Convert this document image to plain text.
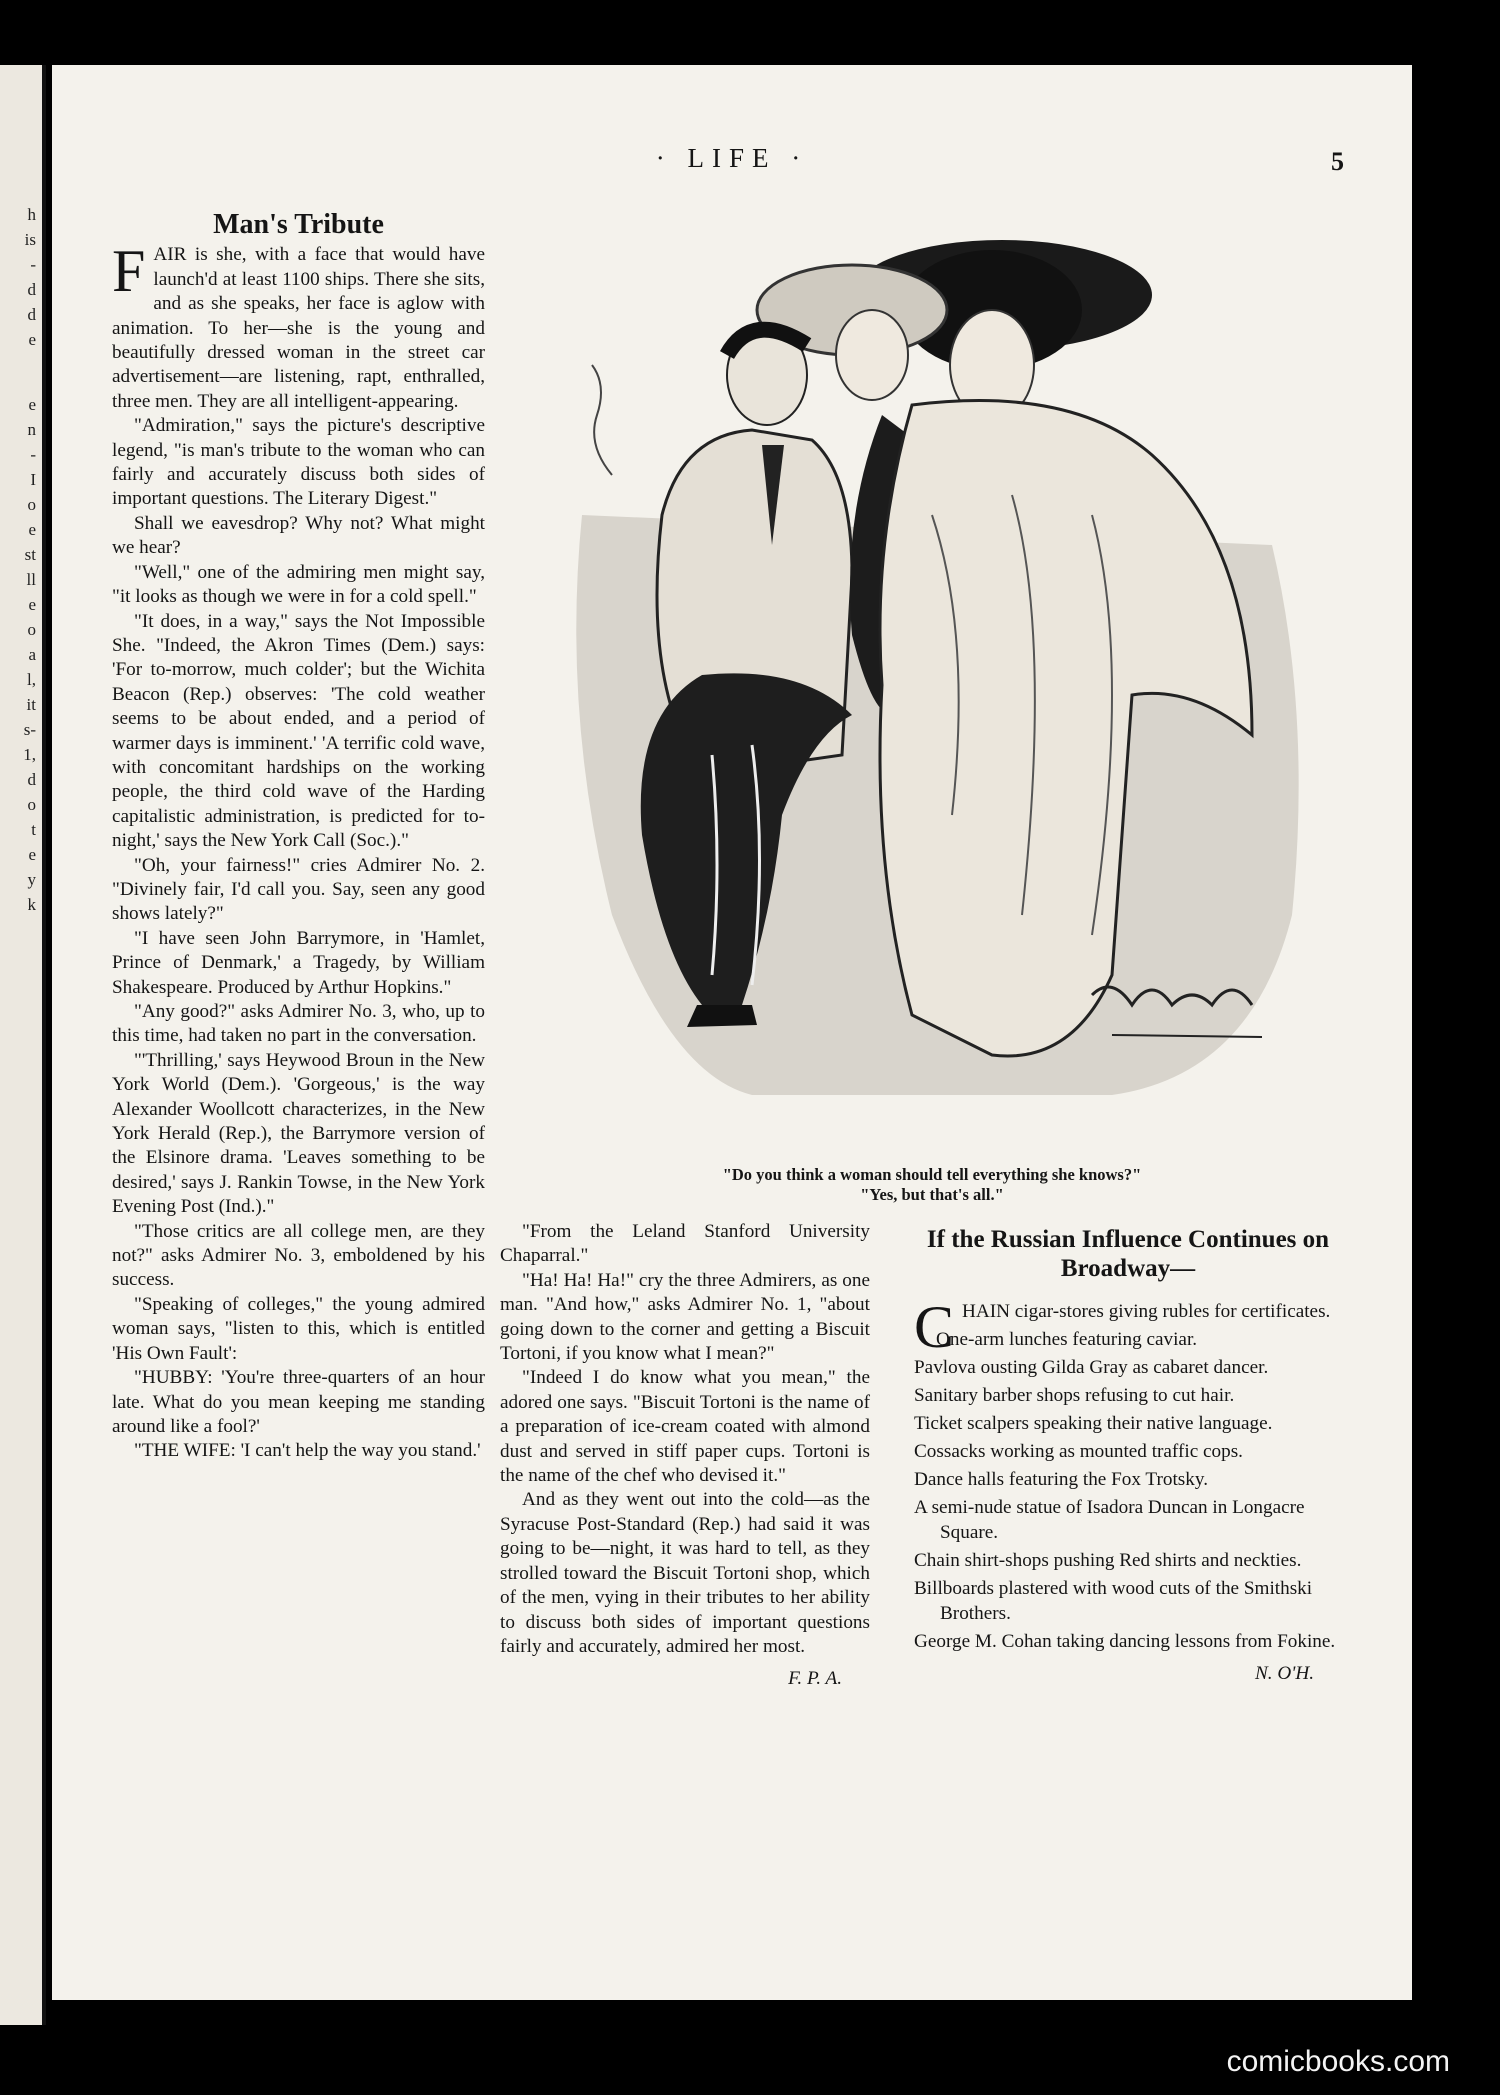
h
is
-
d
d
e
e
n
-
I
o
e
st
ll
e
o
a
l,
it
s-
1,
d
o
t
e
y
k
· LIFE ·	5
Man's Tribute

FAIR is she, with a face that would have launch'd at least 1100 ships. There she sits, and as she speaks, her face is aglow with animation. To her—she is the young and beautifully dressed woman in the street car advertisement—are listening, rapt, enthralled, three men. They are all intelligent-appearing.

"Admiration," says the picture's descriptive legend, "is man's tribute to the woman who can fairly and accurately discuss both sides of important questions. The Literary Digest."

Shall we eavesdrop? Why not? What might we hear?

"Well," one of the admiring men might say, "it looks as though we were in for a cold spell."

"It does, in a way," says the Not Impossible She. "Indeed, the Akron Times (Dem.) says: 'For to-morrow, much colder'; but the Wichita Beacon (Rep.) observes: 'The cold weather seems to be about ended, and a period of warmer days is imminent.' 'A terrific cold wave, with concomitant hardships on the working people, the third cold wave of the Harding capitalistic administration, is predicted for to-night,' says the New York Call (Soc.)."

"Oh, your fairness!" cries Admirer No. 2. "Divinely fair, I'd call you. Say, seen any good shows lately?"

"I have seen John Barrymore, in 'Hamlet, Prince of Denmark,' a Tragedy, by William Shakespeare. Produced by Arthur Hopkins."

"Any good?" asks Admirer No. 3, who, up to this time, had taken no part in the conversation.

"'Thrilling,' says Heywood Broun in the New York World (Dem.). 'Gorgeous,' is the way Alexander Woollcott characterizes, in the New York Herald (Rep.), the Barrymore version of the Elsinore drama. 'Leaves something to be desired,' says J. Rankin Towse, in the New York Evening Post (Ind.)."

"Those critics are all college men, are they not?" asks Admirer No. 3, emboldened by his success.

"Speaking of colleges," the young admired woman says, "listen to this, which is entitled 'His Own Fault':

"HUBBY: 'You're three-quarters of an hour late. What do you mean keeping me standing around like a fool?'

"THE WIFE: 'I can't help the way you stand.'

"Do you think a woman should tell everything she knows?"
"Yes, but that's all."

"From the Leland Stanford University Chaparral."

"Ha! Ha! Ha!" cry the three Admirers, as one man. "And how," asks Admirer No. 1, "about going down to the corner and getting a Biscuit Tortoni, if you know what I mean?"

"Indeed I do know what you mean," the adored one says. "Biscuit Tortoni is the name of a preparation of ice-cream coated with almond dust and served in stiff paper cups. Tortoni is the name of the chef who devised it."

And as they went out into the cold—as the Syracuse Post-Standard (Rep.) had said it was going to be—night, it was hard to tell, as they strolled toward the Biscuit Tortoni shop, which of the men, vying in their tributes to her ability to discuss both sides of important questions fairly and accurately, admired her most.

F. P. A.
If the Russian Influence Continues on Broadway—

CHAIN cigar-stores giving rubles for certificates.

One-arm lunches featuring caviar.

Pavlova ousting Gilda Gray as cabaret dancer.

Sanitary barber shops refusing to cut hair.

Ticket scalpers speaking their native language.

Cossacks working as mounted traffic cops.

Dance halls featuring the Fox Trotsky.

A semi-nude statue of Isadora Duncan in Longacre Square.

Chain shirt-shops pushing Red shirts and neckties.

Billboards plastered with wood cuts of the Smithski Brothers.

George M. Cohan taking dancing lessons from Fokine.

N. O'H.
comicbooks.com
